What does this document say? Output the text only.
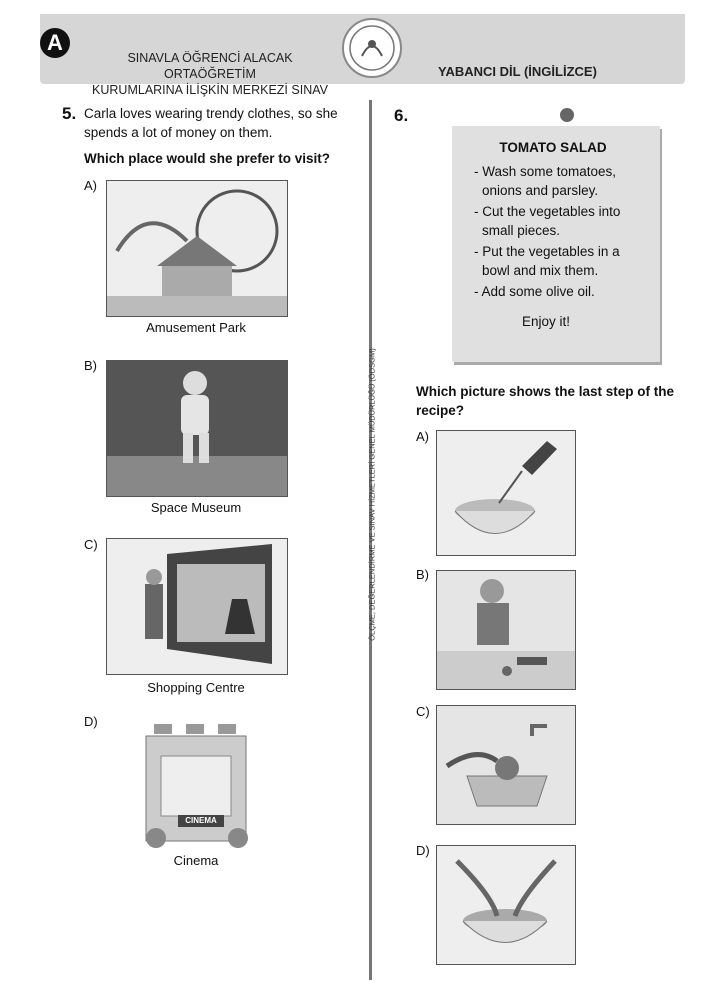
A
SINAVLA ÖĞRENCİ ALACAK ORTAÖĞRETİM
KURUMLARINA İLİŞKİN MERKEZİ SINAV
YABANCI DİL (İNGİLİZCE)
ÖLÇME, DEĞERLENDİRME VE SINAV HİZMETLERİ GENEL MÜDÜRLÜĞÜ (ÖDSGM)
5. Carla loves wearing trendy clothes, so she
spends a lot of money on them.
Which place would she prefer to visit?
A)
Amusement Park
B)
Space Museum
C)
Shopping Centre
D)
CINEMA
Cinema
6.
TOMATO SALAD
- Wash some tomatoes,
onions and parsley.
- Cut the vegetables into
small pieces.
- Put the vegetables in a
bowl and mix them.
- Add some olive oil.
Enjoy it!
Which picture shows the last step of the
recipe?
A)
B)
C)
D)
